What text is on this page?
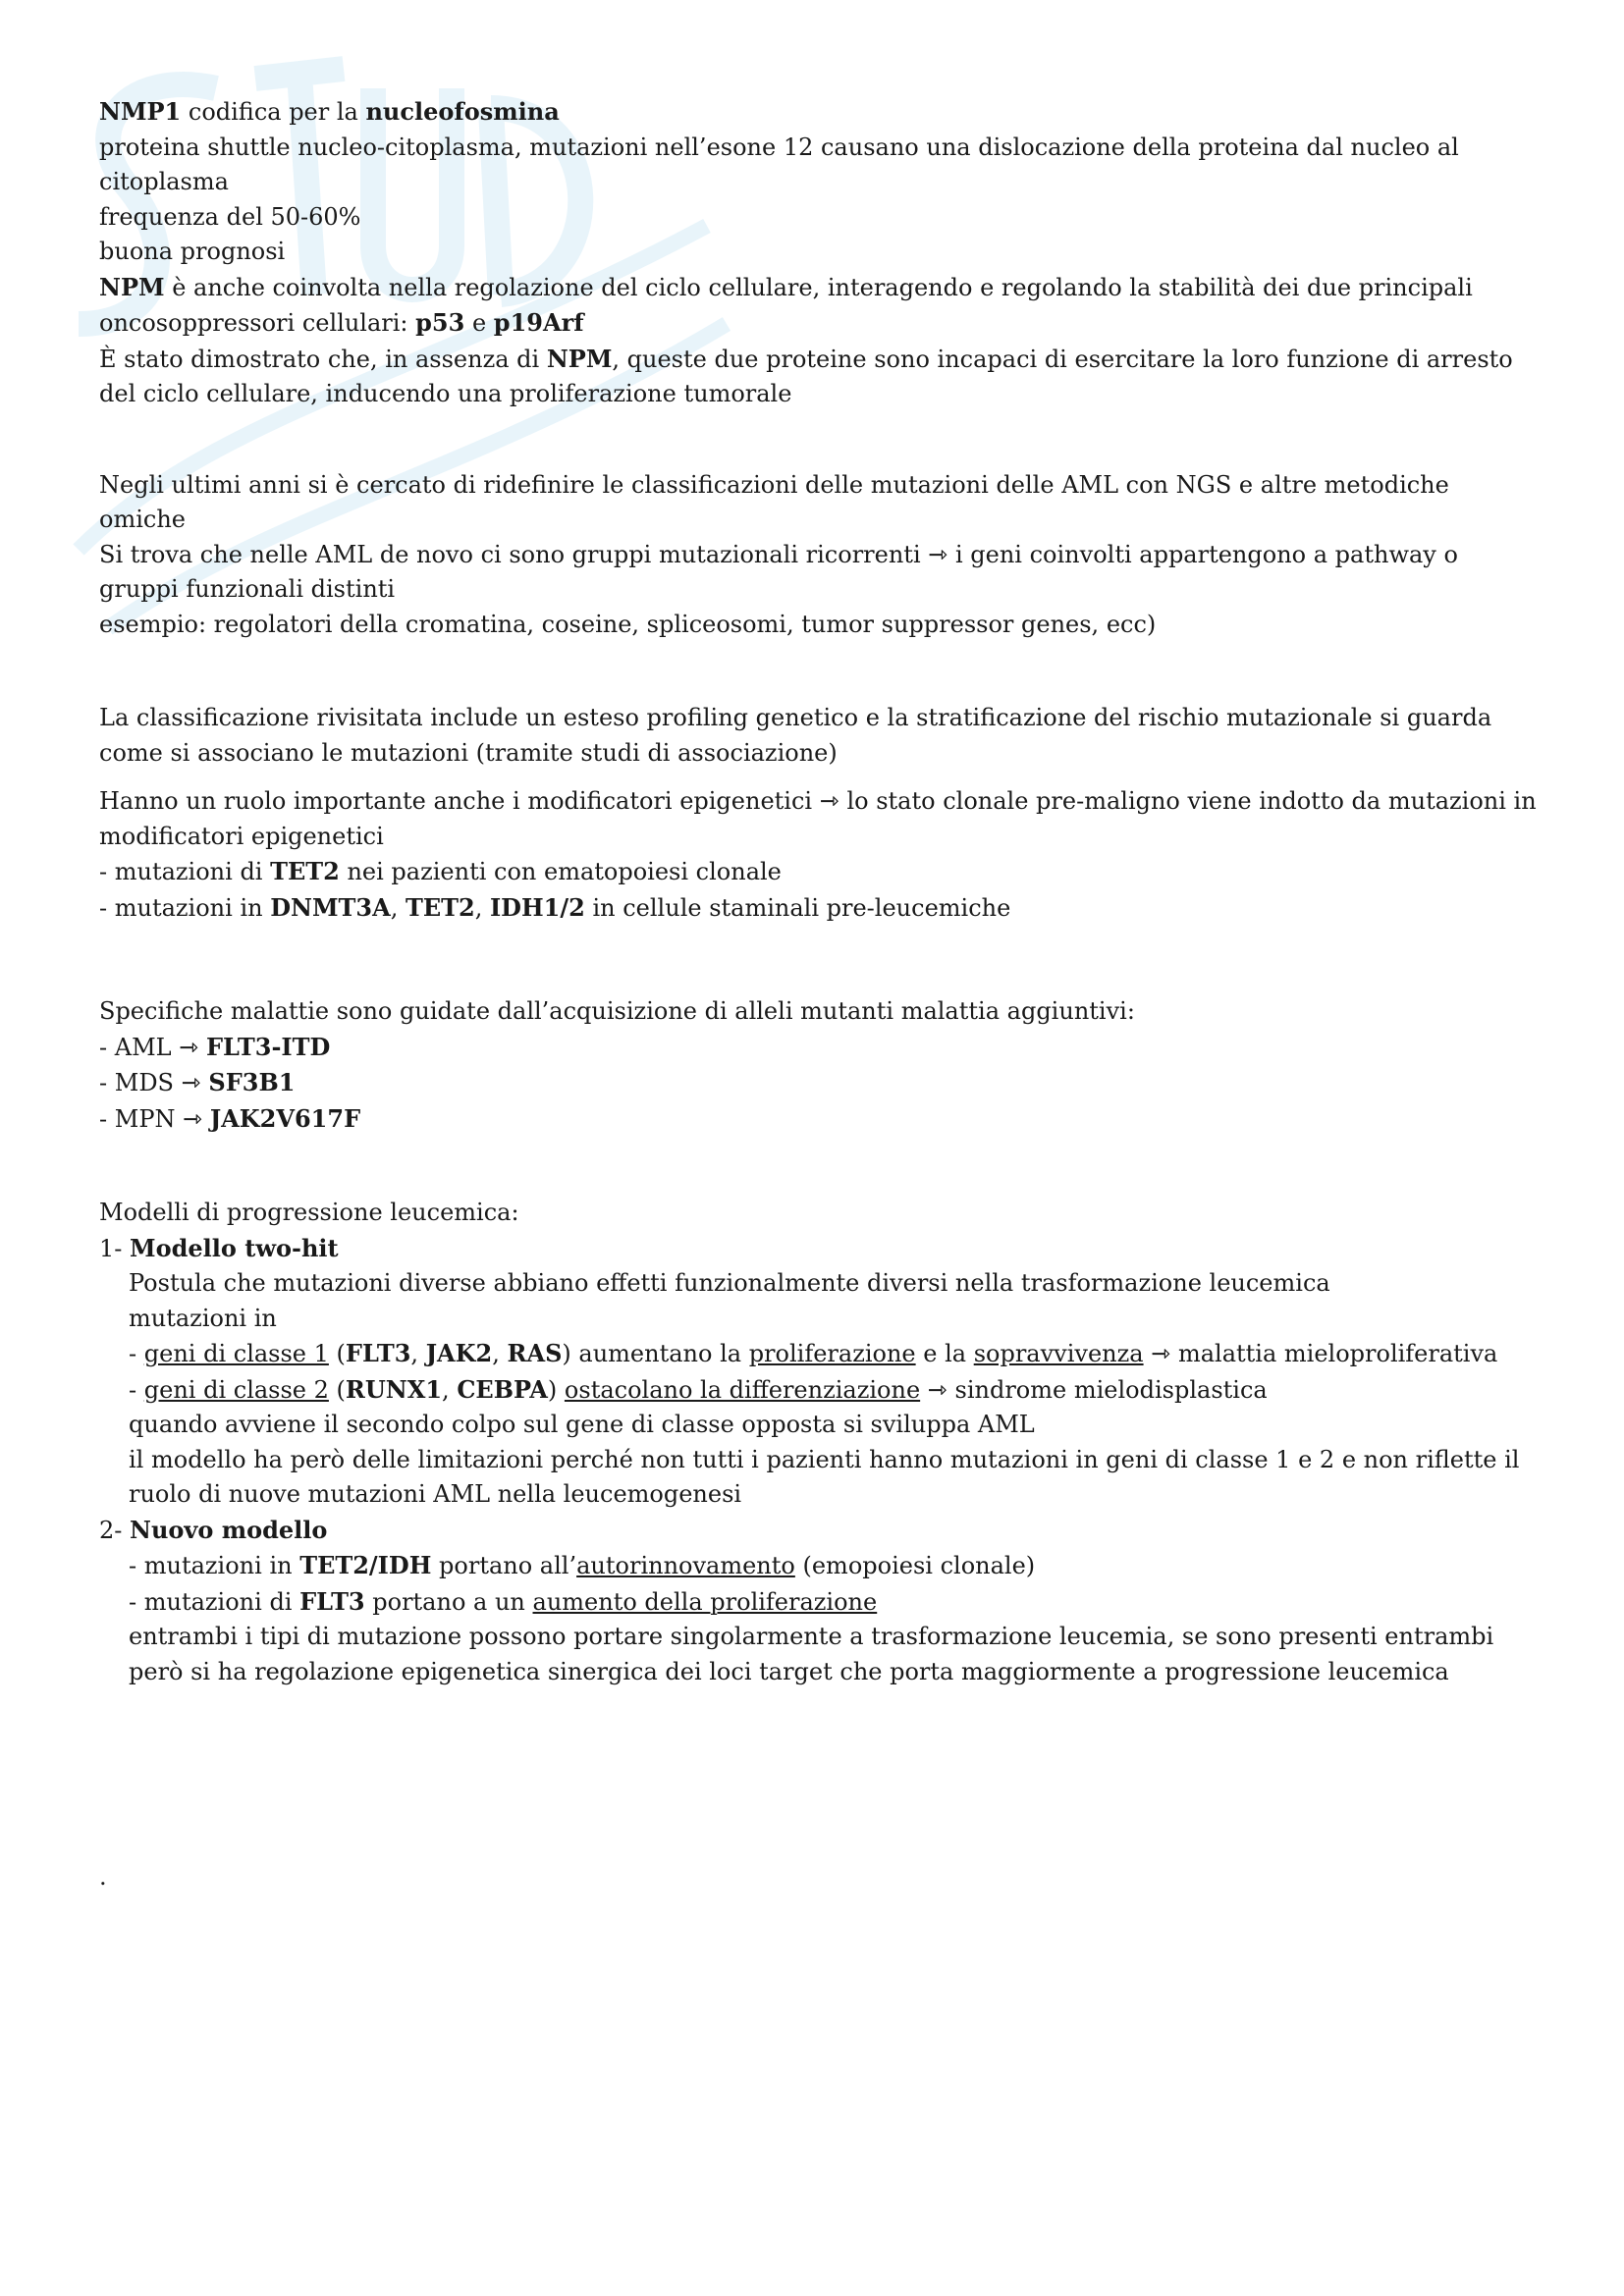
NMP1 codifica per la nucleofosmina
proteina shuttle nucleo-citoplasma, mutazioni nell’esone 12 causano una dislocazione della proteina dal nucleo al citoplasma
frequenza del 50-60%
buona prognosi
NPM è anche coinvolta nella regolazione del ciclo cellulare, interagendo e regolando la stabilità dei due principali oncosoppressori cellulari: p53 e p19Arf
È stato dimostrato che, in assenza di NPM, queste due proteine sono incapaci di esercitare la loro funzione di arresto del ciclo cellulare, inducendo una proliferazione tumorale
Negli ultimi anni si è cercato di ridefinire le classificazioni delle mutazioni delle AML con NGS e altre metodiche omiche
Si trova che nelle AML de novo ci sono gruppi mutazionali ricorrenti ⇾ i geni coinvolti appartengono a pathway o gruppi funzionali distinti
esempio: regolatori della cromatina, coseine, spliceosomi, tumor suppressor genes, ecc)
La classificazione rivisitata include un esteso profiling genetico e la stratificazione del rischio mutazionale si guarda come si associano le mutazioni (tramite studi di associazione)
Hanno un ruolo importante anche i modificatori epigenetici ⇾ lo stato clonale pre-maligno viene indotto da mutazioni in modificatori epigenetici
- mutazioni di TET2 nei pazienti con ematopoiesi clonale
- mutazioni in DNMT3A, TET2, IDH1/2 in cellule staminali pre-leucemiche
Specifiche malattie sono guidate dall’acquisizione di alleli mutanti malattia aggiuntivi:
- AML ⇾ FLT3-ITD
- MDS ⇾ SF3B1
- MPN ⇾ JAK2V617F
Modelli di progressione leucemica:
1- Modello two-hit
Postula che mutazioni diverse abbiano effetti funzionalmente diversi nella trasformazione leucemica
mutazioni in
- geni di classe 1 (FLT3, JAK2, RAS) aumentano la proliferazione e la sopravvivenza ⇾ malattia mieloproliferativa
- geni di classe 2 (RUNX1, CEBPA) ostacolano la differenziazione ⇾ sindrome mielodisplastica
quando avviene il secondo colpo sul gene di classe opposta si sviluppa AML
il modello ha però delle limitazioni perché non tutti i pazienti hanno mutazioni in geni di classe 1 e 2 e non riflette il ruolo di nuove mutazioni AML nella leucemogenesi
2- Nuovo modello
- mutazioni in TET2/IDH portano all’autorinnovamento (emopoiesi clonale)
- mutazioni di FLT3 portano a un aumento della proliferazione
entrambi i tipi di mutazione possono portare singolarmente a trasformazione leucemia, se sono presenti entrambi però si ha regolazione epigenetica sinergica dei loci target che porta maggiormente a progressione leucemica
.
